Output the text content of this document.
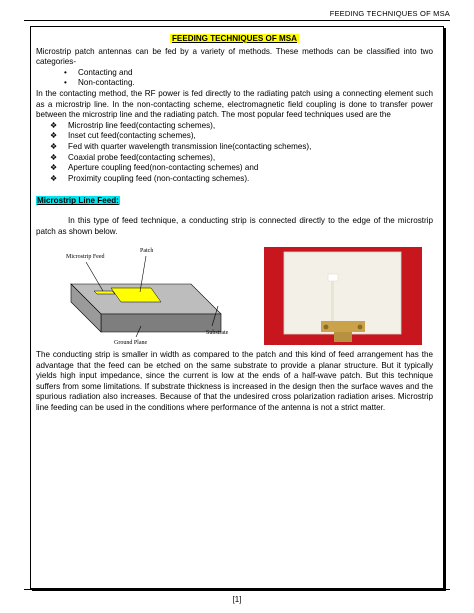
FEEDING TECHNIQUES OF MSA
FEEDING TECHNIQUES OF MSA

Microstrip patch antennas can be fed by a variety of methods. These methods can be classified into two categories-

• Contacting and
• Non-contacting.

In the contacting method, the RF power is fed directly to the radiating patch using a connecting element such as a microstrip line. In the non-contacting scheme, electromagnetic field coupling is done to transfer power between the microstrip line and the radiating patch. The most popular feed techniques used are the

❖ Microstrip line feed(contacting schemes),
❖ Inset cut feed(contacting schemes),
❖ Fed with quarter wavelength transmission line(contacting schemes),
❖ Coaxial probe feed(contacting schemes),
❖ Aperture coupling feed(non-contacting schemes) and
❖ Proximity coupling feed (non-contacting schemes).
Microstrip Line Feed:

In this type of feed technique, a conducting strip is connected directly to the edge of the microstrip patch as shown below.

Microstrip Feed
Patch
Substrate
Ground Plane

The conducting strip is smaller in width as compared to the patch and this kind of feed arrangement has the advantage that the feed can be etched on the same substrate to provide a planar structure. But it typically yields high input impedance, since the current is low at the ends of a half-wave patch. But this technique suffers from some limitations. If substrate thickness is increased in the design then the surface waves and the spurious radiation also increases. Because of that the undesired cross polarization radiation arises. Microstrip line feeding can be used in the conditions where performance of the antenna is not a strict matter.

[1]
